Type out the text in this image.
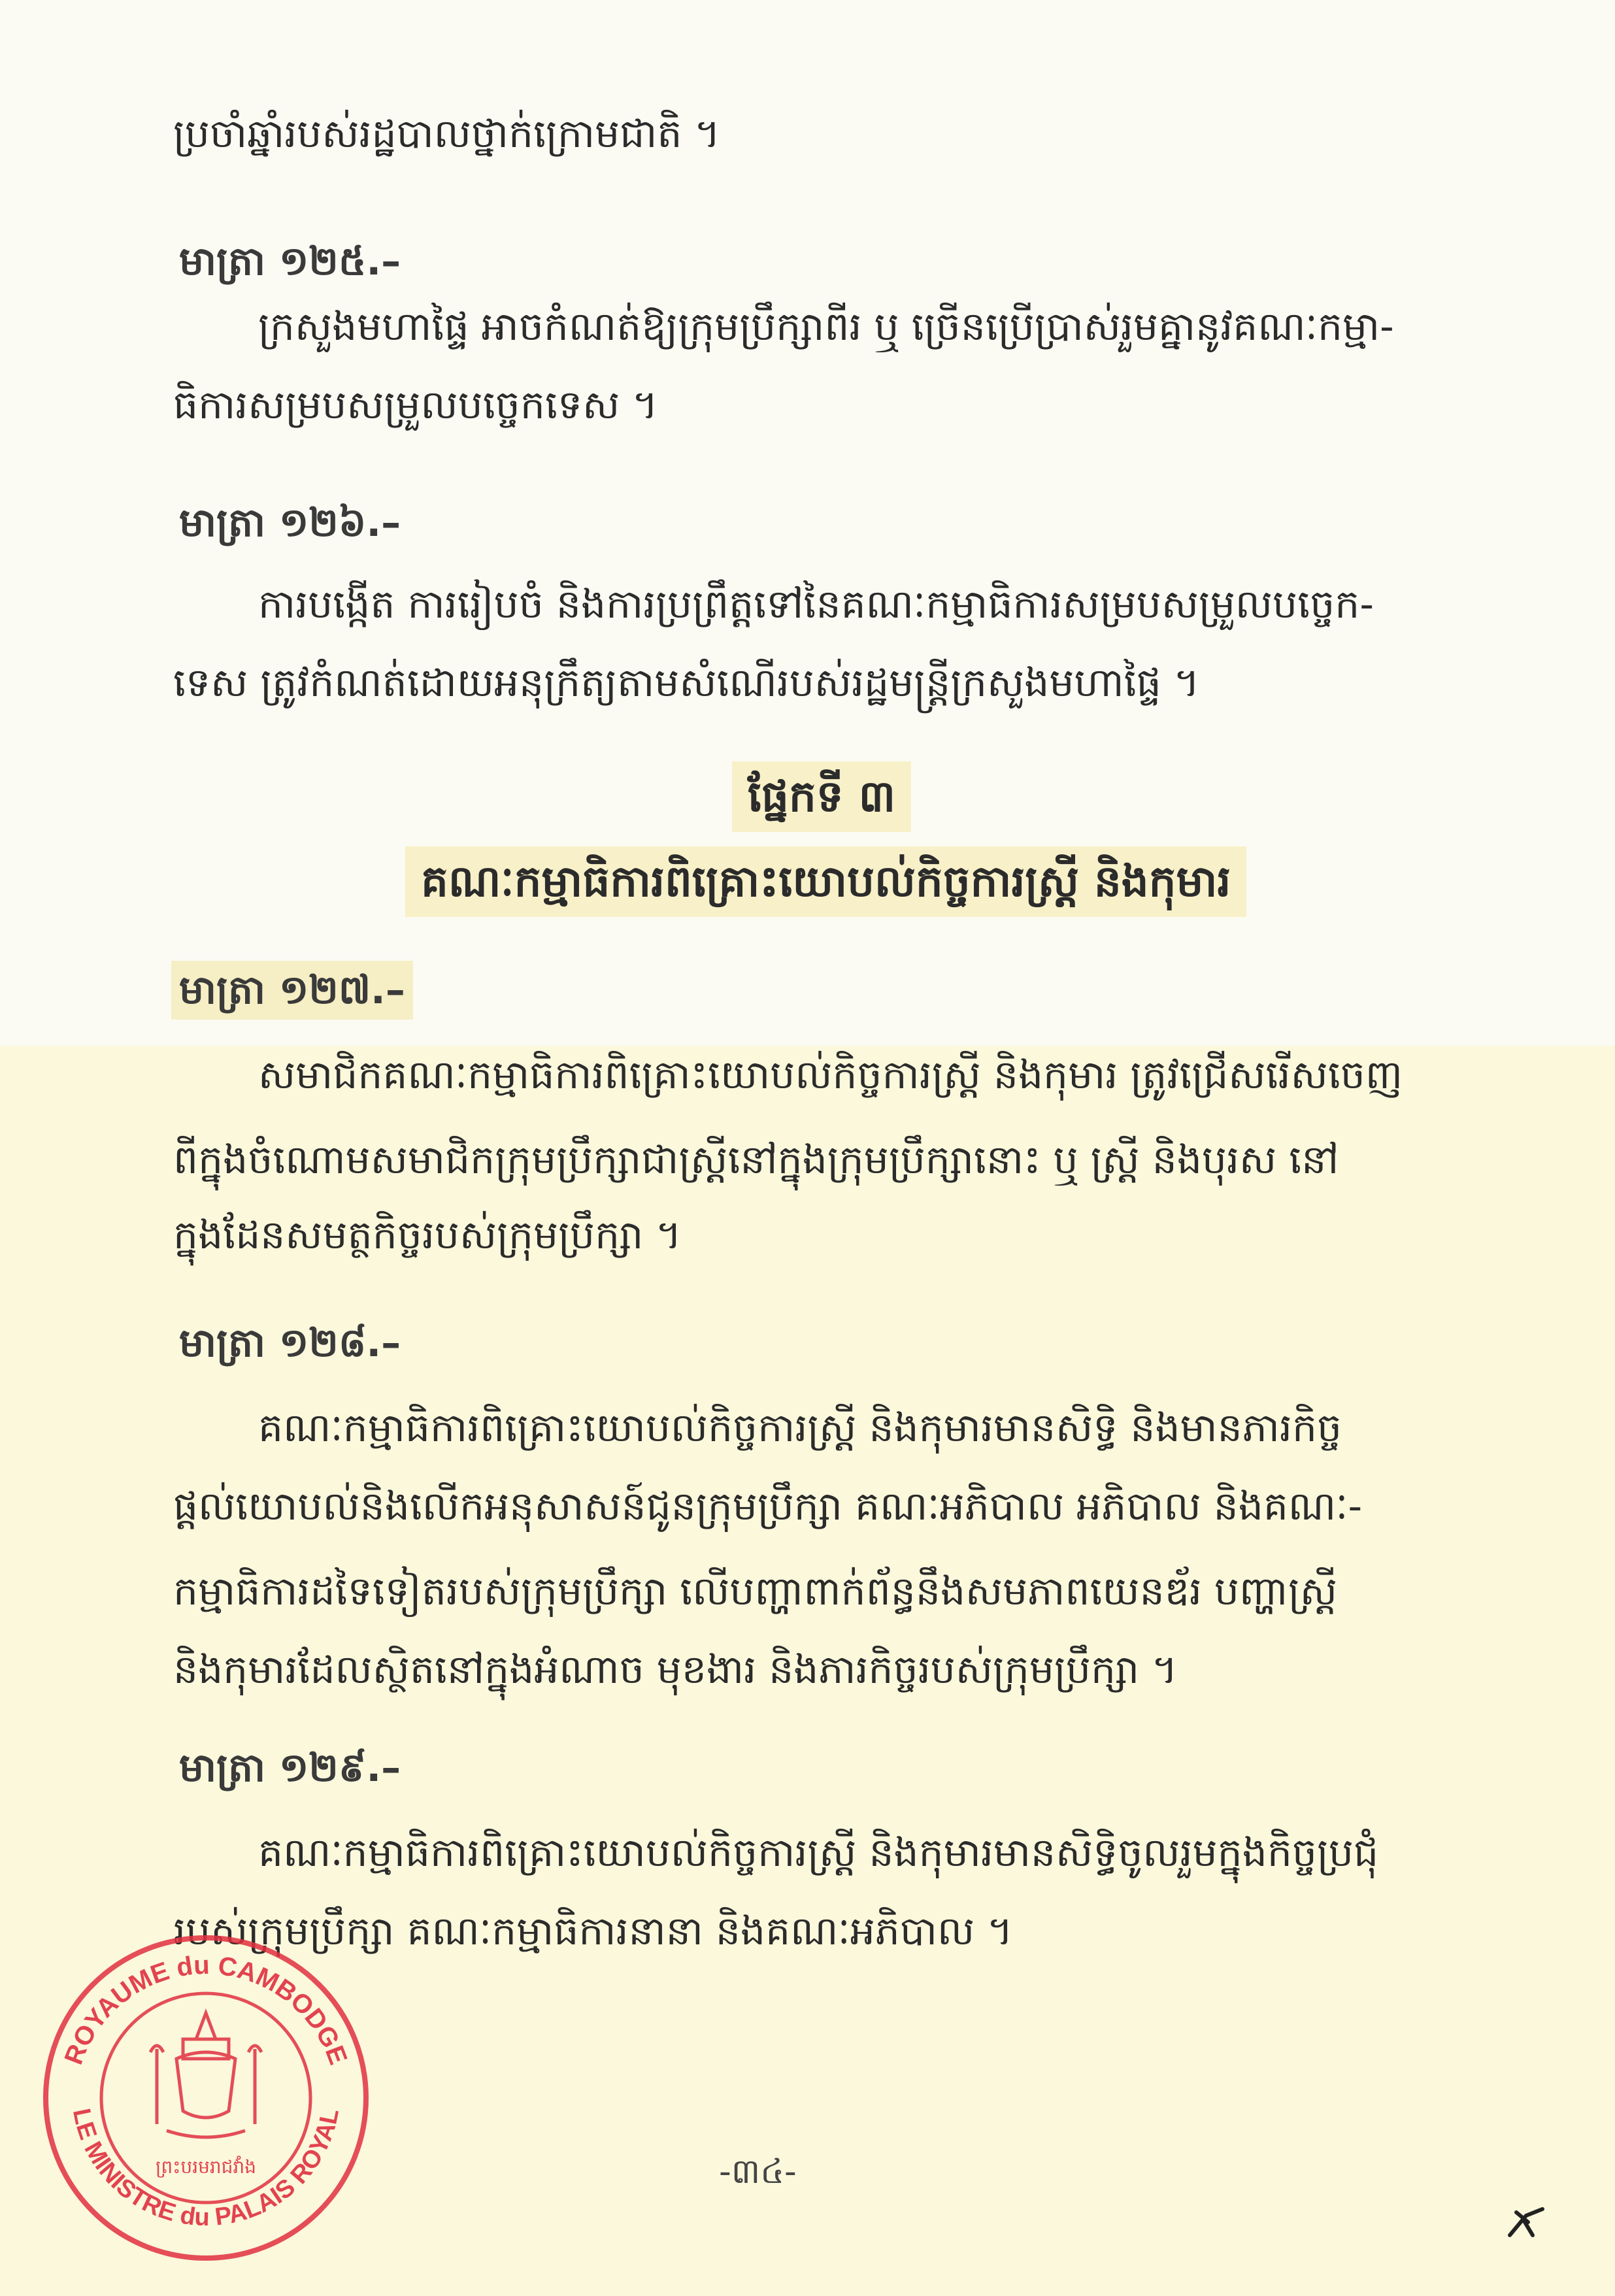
ប្រចាំឆ្នាំរបស់រដ្ឋបាលថ្នាក់ក្រោមជាតិ ។
មាត្រា ១២៥.–
ក្រសួងមហាផ្ទៃ អាចកំណត់ឱ្យក្រុមប្រឹក្សាពីរ ឬ ច្រើនប្រើប្រាស់រួមគ្នានូវគណៈកម្មា-
ធិការសម្របសម្រួលបច្ចេកទេស ។
មាត្រា ១២៦.–
ការបង្កើត ការរៀបចំ និងការប្រព្រឹត្តទៅនៃគណៈកម្មាធិការសម្របសម្រួលបច្ចេក-
ទេស ត្រូវកំណត់ដោយអនុក្រឹត្យតាមសំណើរបស់រដ្ឋមន្ត្រីក្រសួងមហាផ្ទៃ ។
ផ្នែកទី ៣
គណៈកម្មាធិការពិគ្រោះយោបល់កិច្ចការស្ត្រី និងកុមារ
មាត្រា ១២៧.–
សមាជិកគណៈកម្មាធិការពិគ្រោះយោបល់កិច្ចការស្ត្រី និងកុមារ ត្រូវជ្រើសរើសចេញ
ពីក្នុងចំណោមសមាជិកក្រុមប្រឹក្សាជាស្ត្រីនៅក្នុងក្រុមប្រឹក្សានោះ ឬ ស្ត្រី និងបុរស នៅ
ក្នុងដែនសមត្ថកិច្ចរបស់ក្រុមប្រឹក្សា ។
មាត្រា ១២៨.–
គណៈកម្មាធិការពិគ្រោះយោបល់កិច្ចការស្ត្រី និងកុមារមានសិទ្ធិ និងមានភារកិច្ច
ផ្តល់យោបល់និងលើកអនុសាសន៍ជូនក្រុមប្រឹក្សា គណៈអភិបាល អភិបាល និងគណៈ-
កម្មាធិការដទៃទៀតរបស់ក្រុមប្រឹក្សា លើបញ្ហាពាក់ព័ន្ធនឹងសមភាពយេនឌ័រ បញ្ហាស្ត្រី
និងកុមារដែលស្ថិតនៅក្នុងអំណាច មុខងារ និងភារកិច្ចរបស់ក្រុមប្រឹក្សា ។
មាត្រា ១២៩.–
គណៈកម្មាធិការពិគ្រោះយោបល់កិច្ចការស្ត្រី និងកុមារមានសិទ្ធិចូលរួមក្នុងកិច្ចប្រជុំ
របស់ក្រុមប្រឹក្សា គណៈកម្មាធិការនានា និងគណៈអភិបាល ។
ROYAUME du CAMBODGE
LE MINISTRE du PALAIS ROYAL
ព្រះបរមរាជវាំង	-៣៤-
